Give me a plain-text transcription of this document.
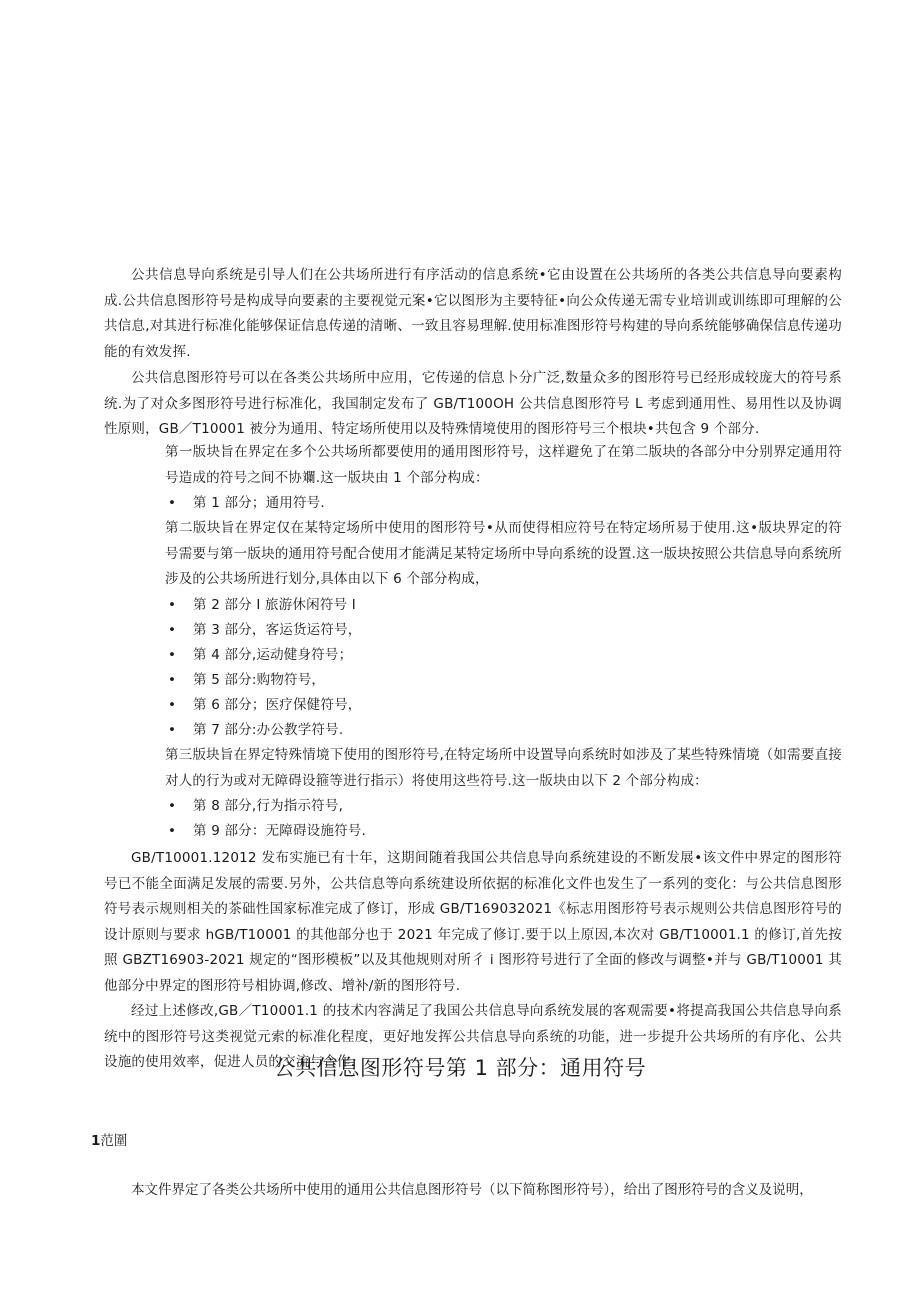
公共信息导向系统是引导人们在公共场所进行有序活动的信息系统•它由设置在公共场所的各类公共信息导向要素构成.公共信息图形符号是构成导向要素的主要视觉元案•它以图形为主要特征•向公众传递无需专业培训或训练即可理解的公共信息,对其进行标准化能够保证信息传递的清晰、一致且容易理解.使用标准图形符号构建的导向系统能够确保信息传递功能的有效发挥.

公共信息图形符号可以在各类公共场所中应用，它传递的信息卜分广泛,数量众多的图形符号已经形成较庞大的符号系统.为了对众多图形符号进行标准化，我国制定发布了 GB/T100OH 公共信息图形符号 L 考虑到通用性、易用性以及协调性原则，GB／T10001 被分为通用、特定场所使用以及特殊情境使用的图形符号三个根块•共包含 9 个部分.

第一版块旨在界定在多个公共场所都要使用的通用图形符号，这样避免了在第二版块的各部分中分别界定通用符号造成的符号之间不协斕.这一版块由 1 个部分构成：

• 第 1 部分；通用符号.

第二版块旨在界定仅在某特定场所中使用的图形符号•从而使得相应符号在特定场所易于使用.这•版块界定的符号需要与第一版块的通用符号配合使用才能满足某特定场所中导向系统的设置.这一版块按照公共信息导向系统所涉及的公共场所进行划分,具体由以下 6 个部分构成，

• 第 2 部分 I 旅游休闲符号 I
• 第 3 部分，客运货运符号，
• 第 4 部分,运动健身符号；
• 第 5 部分:购物符号，
• 第 6 部分；医疗保健符号，
• 第 7 部分:办公教学符号.

第三版块旨在界定特殊情境下使用的图形符号,在特定场所中设置导向系统时如涉及了某些特殊情境（如需要直接对人的行为或对无障碍设箍等进行指示）将使用这些符号.这一版块由以下 2 个部分构成：

• 第 8 部分,行为指示符号,
• 第 9 部分：无障碍设施符号.

GB/T10001.12012 发布实施已有十年，这期间随着我国公共信息导向系统建设的不断发展•该文件中界定的图形符号已不能全面满足发展的需要.另外，公共信息等向系统建设所依据的标准化文件也发生了一系列的变化：与公共信息图形符号表示规则相关的茶础性国家标准完成了修订，形成 GB/T169032021《标志用图形符号表示规则公共信息图形符号的设计原则与要求 hGB/T10001 的其他部分也于 2021 年完成了修订.要于以上原因,本次对 GB/T10001.1 的修订,首先按照 GBZT16903-2021 规定的“图形模板”以及其他规则对所彳 i 图形符号进行了全面的修改与调整•并与 GB/T10001 其他部分中界定的图形符号相协调,修改、增补/新的图形符号.

经过上述修改,GB／T10001.1 的技术内容满足了我国公共信息导向系统发展的客观需要•将提高我国公共信息导向系统中的图形符号这类视觉元索的标准化程度，更好地发挥公共信息导向系统的功能，进一步提升公共场所的有序化、公共设施的使用效率，促进人员的交流与合作.

公共信息图形符号第 1 部分：通用符号
1范圍
本文件界定了各类公共场所中使用的通用公共信息图形符号（以下简称图形符号），给出了图形符号的含义及说明，
